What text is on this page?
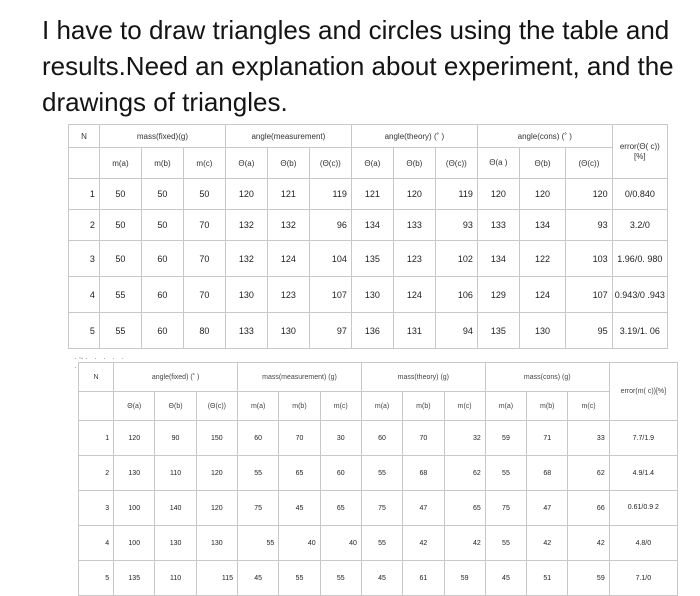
I have to draw triangles and circles using the table and results.Need an explanation about experiment, and the drawings of triangles.
N	mass(fixed)(g)			angle(measurement)			angle(theory) (˚ )			angle(cons) (˚ )			error(Θ( c))[%]
	m(a)	m(b)	m(c)	Θ(a)	Θ(b)	(Θ(c))	Θ(a)	Θ(b)	(Θ(c))	Θ(a )	Θ(b)	(Θ(c))	
1	50	50	50	120	121	119	121	120	119	120	120	120	0/0.840
2	50	50	70	132	132	96	134	133	93	133	134	93	3.2/0
3	50	60	70	132	124	104	135	123	102	134	122	103	1.96/0. 980
4	55	60	70	130	123	107	130	124	106	129	124	107	0.943/0 .943
5	55	60	80	133	130	97	136	131	94	135	130	95	3.19/1. 06
·~· · · · · ·
N	angle(fixed) (˚ )			mass(measurement) (g)			mass(theory) (g)			mass(cons) (g)			error(m( c))[%]
	Θ(a)	Θ(b)	(Θ(c))	m(a)	m(b)	m(c)	m(a)	m(b)	m(c)	m(a)	m(b)	m(c)	
1	120	90	150	60	70	30	60	70	32	59	71	33	7.7/1.9
2	130	110	120	55	65	60	55	68	62	55	68	62	4.9/1.4
3	100	140	120	75	45	65	75	47	65	75	47	66	0.61/0.9 2
4	100	130	130	55	40	40	55	42	42	55	42	42	4.8/0
5	135	110	115	45	55	55	45	61	59	45	51	59	7.1/0
